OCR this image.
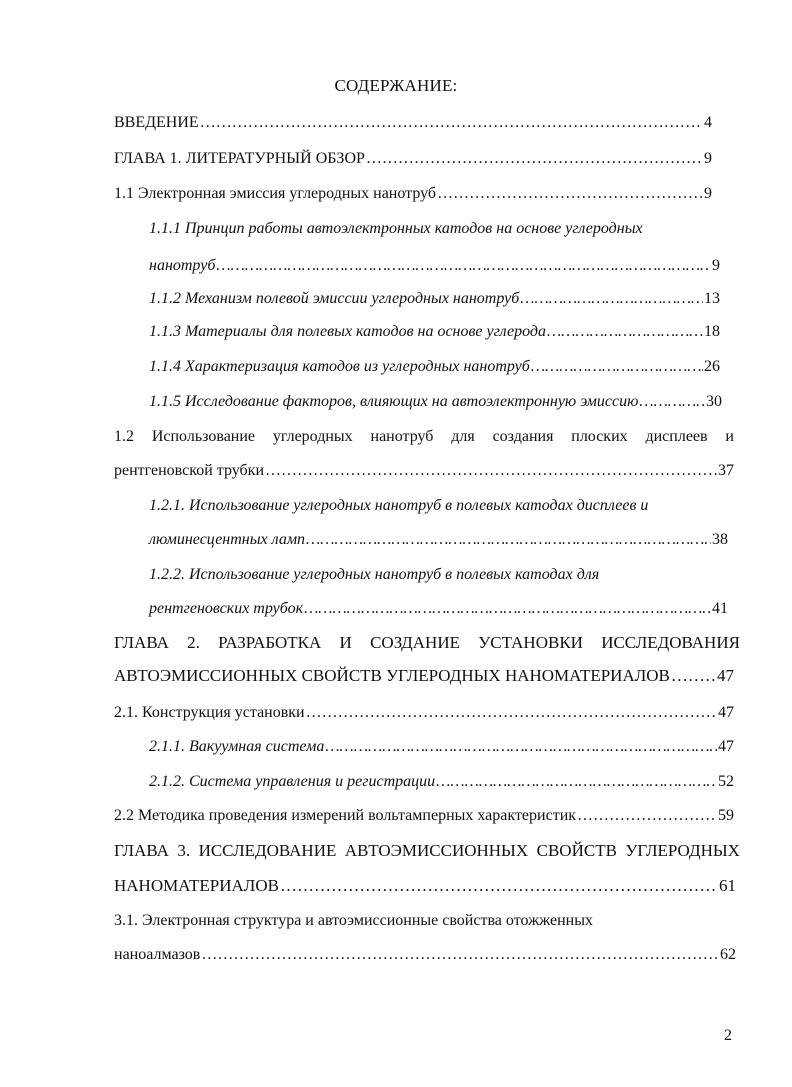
СОДЕРЖАНИЕ:
ВВЕДЕНИЕ ……………………………………………………………………………………………………………………………………………………………………………………………………	4
ГЛАВА 1. ЛИТЕРАТУРНЫЙ ОБЗОР ……………………………………………………………………………………………………………………………………………………………………………………………………	9
1.1 Электронная эмиссия углеродных нанотруб ……………………………………………………………………………………………………………………………………………………………………………………………………	9
1.1.1 Принцип работы автоэлектронных катодов на основе углеродных
нанотруб ……………………………………………………………………………………………………………………………………………………………………………………………………	9
1.1.2 Механизм полевой эмиссии углеродных нанотруб ……………………………………………………………………………………………………………………………………………………………………………………………………	13
1.1.3 Материалы для полевых катодов на основе углерода ……………………………………………………………………………………………………………………………………………………………………………………………………	18
1.1.4 Характеризация катодов из углеродных нанотруб ……………………………………………………………………………………………………………………………………………………………………………………………………	26
1.1.5 Исследование факторов, влияющих на автоэлектронную эмиссию ……………………………………………………………………………………………………………………………………………………………………………………………………	30
1.2 Использование углеродных нанотруб для создания плоских дисплеев и
рентгеновской трубки ……………………………………………………………………………………………………………………………………………………………………………………………………	37
1.2.1. Использование углеродных нанотруб в полевых катодах дисплеев и
люминесцентных ламп ……………………………………………………………………………………………………………………………………………………………………………………………………	38
1.2.2. Использование углеродных нанотруб в полевых катодах для
рентгеновских трубок ……………………………………………………………………………………………………………………………………………………………………………………………………	41
ГЛАВА 2. РАЗРАБОТКА И СОЗДАНИЕ УСТАНОВКИ ИССЛЕДОВАНИЯ
АВТОЭМИССИОННЫХ СВОЙСТВ УГЛЕРОДНЫХ НАНОМАТЕРИАЛОВ ……………………………………………………………………………………………………………………………………………………………………………………………………	47
2.1. Конструкция установки ……………………………………………………………………………………………………………………………………………………………………………………………………	47
2.1.1. Вакуумная система ……………………………………………………………………………………………………………………………………………………………………………………………………	47
2.1.2. Система управления и регистрации ……………………………………………………………………………………………………………………………………………………………………………………………………	52
2.2 Методика проведения измерений вольтамперных характеристик ……………………………………………………………………………………………………………………………………………………………………………………………………	59
ГЛАВА 3. ИССЛЕДОВАНИЕ АВТОЭМИССИОННЫХ СВОЙСТВ УГЛЕРОДНЫХ
НАНОМАТЕРИАЛОВ ……………………………………………………………………………………………………………………………………………………………………………………………………	61
3.1. Электронная структура и автоэмиссионные свойства отожженных
наноалмазов ……………………………………………………………………………………………………………………………………………………………………………………………………	62
2
